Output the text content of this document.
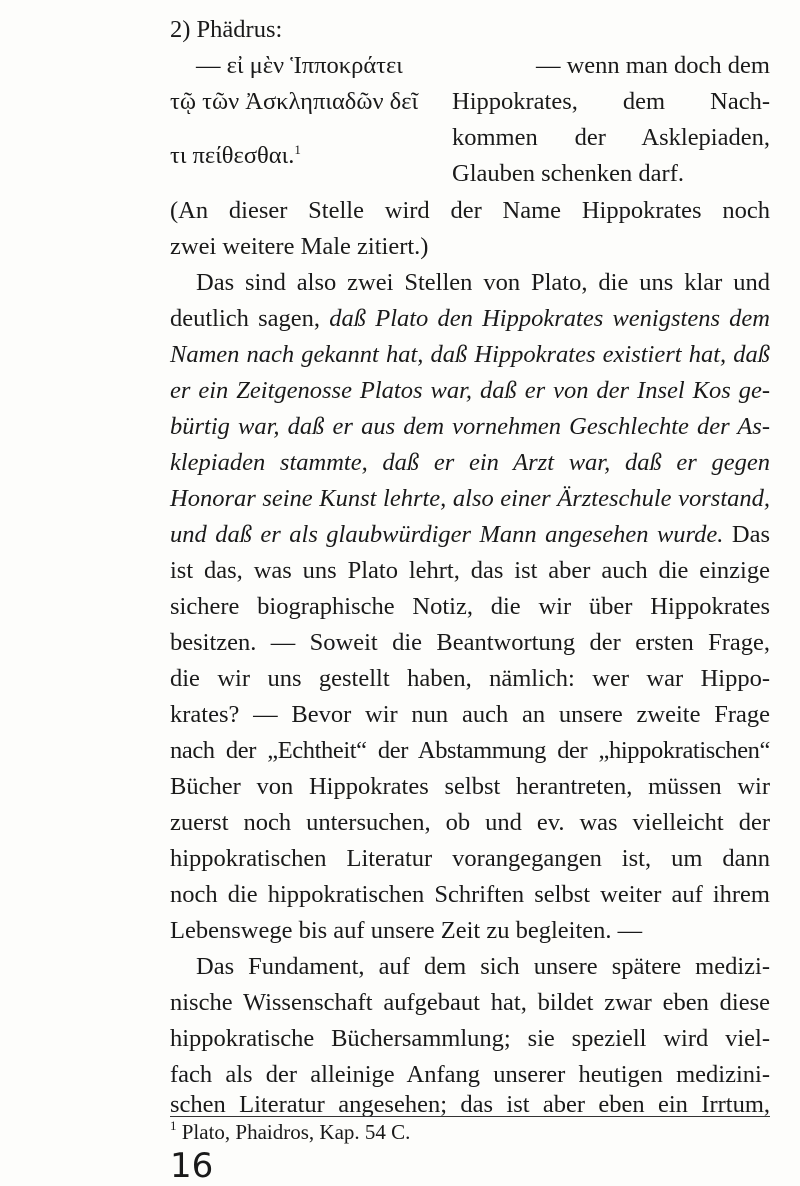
2) Phädrus:
— εἰ μὲν Ἱπποκράτει
τῷ τῶν Ἀσκληπιαδῶν δεῖ
τι πείθεσθαι.$^1$
— wenn man doch dem
Hippokrates, dem Nach-
kommen der Asklepiaden,
Glauben schenken darf.
(An dieser Stelle wird der Name Hippokrates noch
zwei weitere Male zitiert.)
Das sind also zwei Stellen von Plato, die uns klar und
deutlich sagen, daß Plato den Hippokrates wenigstens dem
Namen nach gekannt hat, daß Hippokrates existiert hat, daß
er ein Zeitgenosse Platos war, daß er von der Insel Kos ge-
bürtig war, daß er aus dem vornehmen Geschlechte der As-
klepiaden stammte, daß er ein Arzt war, daß er gegen
Honorar seine Kunst lehrte, also einer Ärzteschule vorstand,
und daß er als glaubwürdiger Mann angesehen wurde. Das
ist das, was uns Plato lehrt, das ist aber auch die einzige
sichere biographische Notiz, die wir über Hippokrates
besitzen. — Soweit die Beantwortung der ersten Frage,
die wir uns gestellt haben, nämlich: wer war Hippo-
krates? — Bevor wir nun auch an unsere zweite Frage
nach der „Echtheit“ der Abstammung der „hippokratischen“
Bücher von Hippokrates selbst herantreten, müssen wir
zuerst noch untersuchen, ob und ev. was vielleicht der
hippokratischen Literatur vorangegangen ist, um dann
noch die hippokratischen Schriften selbst weiter auf ihrem
Lebenswege bis auf unsere Zeit zu begleiten. —
Das Fundament, auf dem sich unsere spätere medizi-
nische Wissenschaft aufgebaut hat, bildet zwar eben diese
hippokratische Büchersammlung; sie speziell wird viel-
fach als der alleinige Anfang unserer heutigen medizini-
schen Literatur angesehen; das ist aber eben ein Irrtum,
$^1$ Plato, Phaidros, Kap. 54 C.
16
